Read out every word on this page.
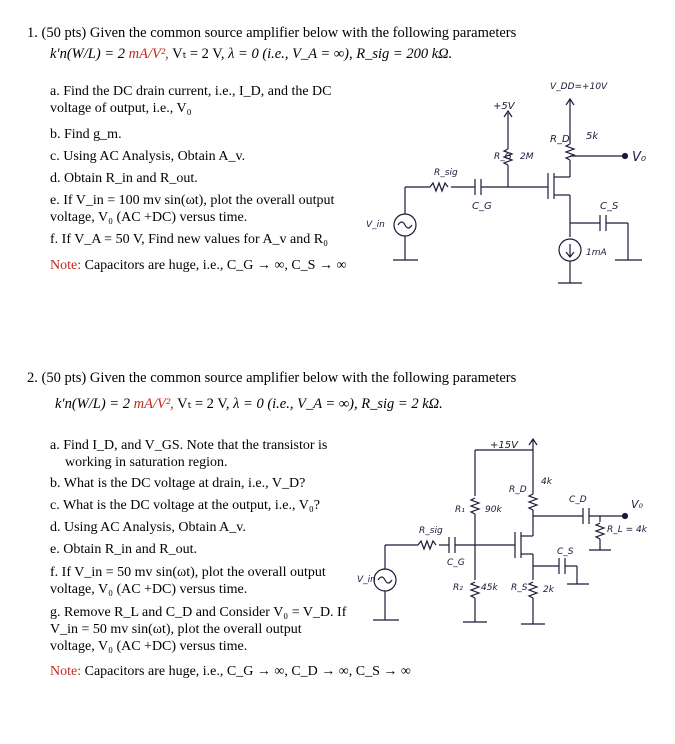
1. (50 pts) Given the common source amplifier below with the following parameters
k′n(W/L) = 2 mA/V², Vₜ = 2 V, λ = 0 (i.e., V_A = ∞), R_sig = 200 kΩ.
a. Find the DC drain current, i.e., I_D, and the DC
voltage of output, i.e., V₀
b. Find g_m.
c. Using AC Analysis, Obtain A_v.
d. Obtain R_in and R_out.
e. If V_in = 100 mv sin(ωt), plot the overall output
voltage, V₀ (AC +DC) versus time.
f. If V_A = 50 V, Find new values for A_v and R₀
Note: Capacitors are huge, i.e., C_G → ∞, C_S → ∞
V_DD=+10V
+5V
R_D 5k
R_G 2M
R_sig
C_G	C_S
V₀
V_in
1mA
2. (50 pts) Given the common source amplifier below with the following parameters
k′n(W/L) = 2 mA/V², Vₜ = 2 V, λ = 0 (i.e., V_A = ∞), R_sig = 2 kΩ.
a. Find I_D, and V_GS. Note that the transistor is
working in saturation region.
b. What is the DC voltage at drain, i.e., V_D?
c. What is the DC voltage at the output, i.e., V₀?
d. Using AC Analysis, Obtain A_v.
e. Obtain R_in and R_out.
f. If V_in = 50 mv sin(ωt), plot the overall output
voltage, V₀ (AC +DC) versus time.
g. Remove R_L and C_D and Consider V₀ = V_D. If
V_in = 50 mv sin(ωt), plot the overall output
voltage, V₀ (AC +DC) versus time.
Note: Capacitors are huge, i.e., C_G → ∞, C_D → ∞, C_S → ∞
+15V
R₁ 90k
R_D
4k
R₂ 45k R_S 2k
R_L = 4k
R_sig
C_G
C_D
C_S
V₀
V_in
